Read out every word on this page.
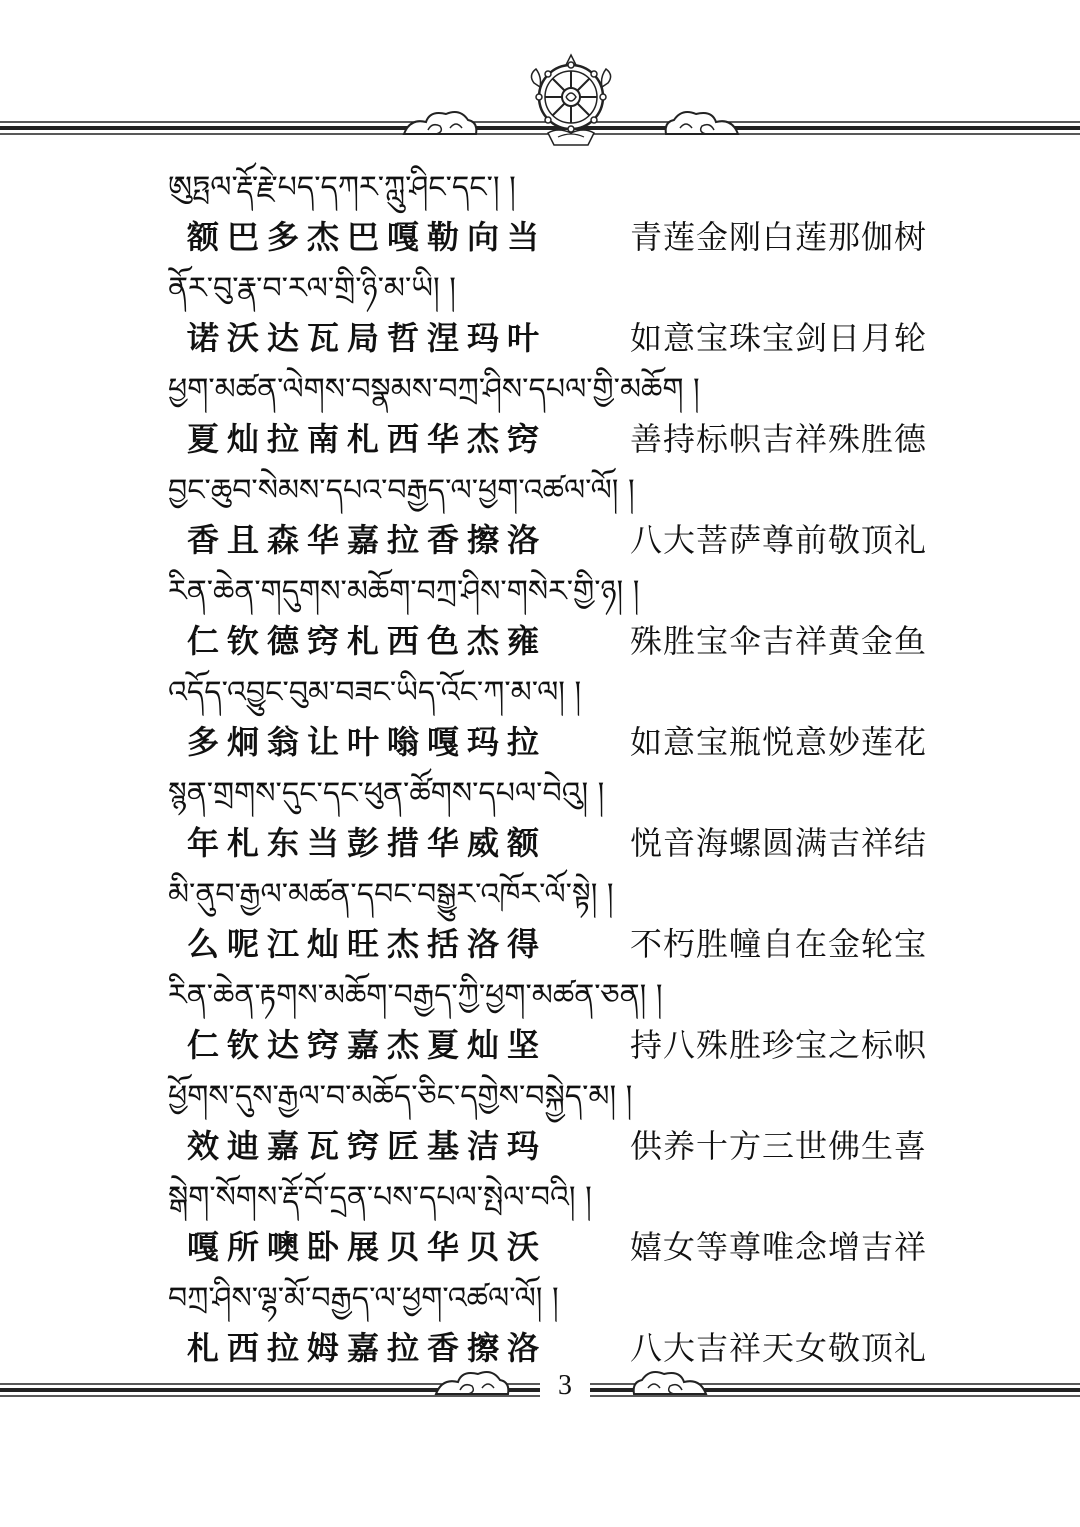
ཨུཏྤལ་རྡོ་རྗེ་པད་དཀར་ཀླུ་ཤིང་དང་། །
额巴多杰巴嘎勒向当	青莲金刚白莲那伽树
ནོར་བུ་རྣ་བ་རལ་གྲི་ཉི་མ་ཡི། །
诺沃达瓦局哲涅玛叶	如意宝珠宝剑日月轮
ཕྱག་མཚན་ལེགས་བསྣམས་བཀྲ་ཤིས་དཔལ་གྱི་མཆོག །
夏灿拉南札西华杰窍	善持标帜吉祥殊胜德
བྱང་ཆུབ་སེམས་དཔའ་བརྒྱད་ལ་ཕྱག་འཚལ་ལོ། །
香且森华嘉拉香擦洛	八大菩萨尊前敬顶礼
རིན་ཆེན་གདུགས་མཆོག་བཀྲ་ཤིས་གསེར་གྱི་ཉ། །
仁钦德窍札西色杰雍	殊胜宝伞吉祥黄金鱼
འདོད་འབྱུང་བུམ་བཟང་ཡིད་འོང་ཀ་མ་ལ། །
多炯翁让叶嗡嘎玛拉	如意宝瓶悦意妙莲花
སྙན་གྲགས་དུང་དང་ཕུན་ཚོགས་དཔལ་བེའུ། །
年札东当彭措华威额	悦音海螺圆满吉祥结
མི་ནུབ་རྒྱལ་མཚན་དབང་བསྒྱུར་འཁོར་ལོ་སྟེ། །
么呢江灿旺杰括洛得	不朽胜幢自在金轮宝
རིན་ཆེན་རྟགས་མཆོག་བརྒྱད་ཀྱི་ཕྱག་མཚན་ཅན། །
仁钦达窍嘉杰夏灿坚	持八殊胜珍宝之标帜
ཕྱོགས་དུས་རྒྱལ་བ་མཆོད་ཅིང་དགྱེས་བསྐྱེད་མ། །
效迪嘉瓦窍匠基洁玛	供养十方三世佛生喜
སྒེག་སོགས་རྡོ་བོ་དྲན་པས་དཔལ་སྤེལ་བའི། །
嘎所噢卧展贝华贝沃	嬉女等尊唯念增吉祥
བཀྲ་ཤིས་ལྷ་མོ་བརྒྱད་ལ་ཕྱག་འཚལ་ལོ། །
札西拉姆嘉拉香擦洛	八大吉祥天女敬顶礼
3
